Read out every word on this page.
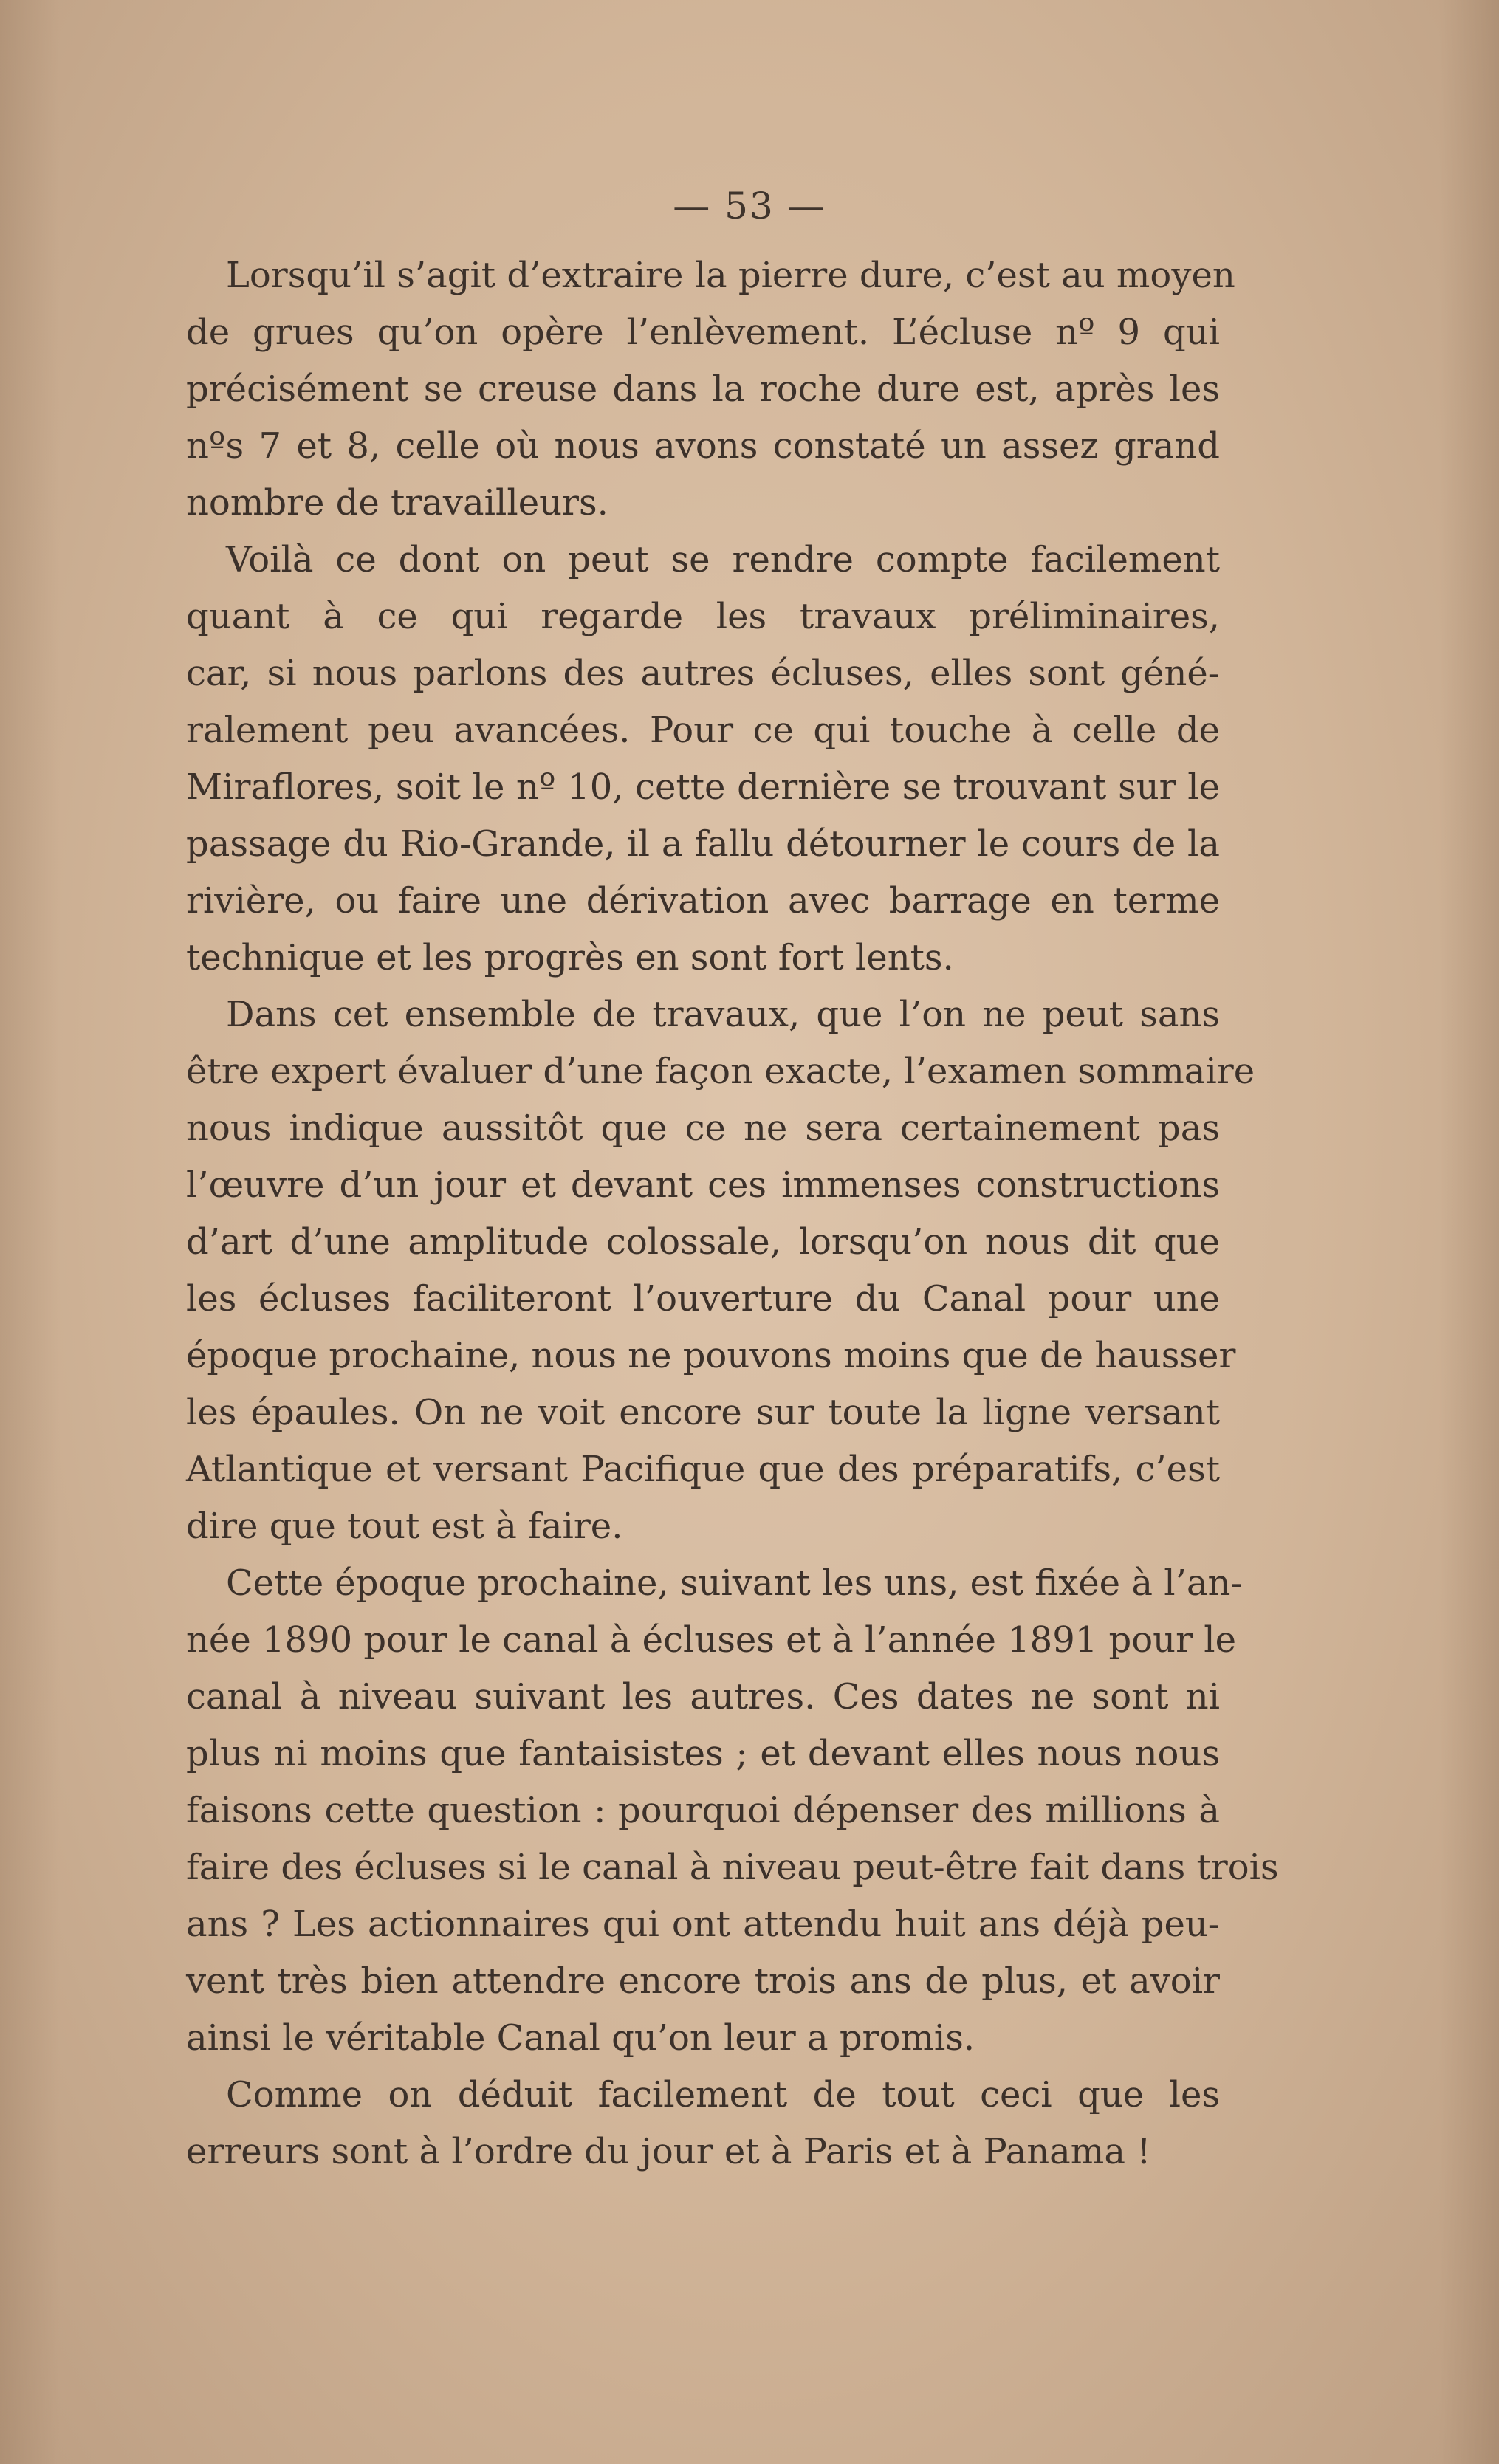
— 53 —
Lorsqu’il s’agit d’extraire la pierre dure, c’est au moyen
de grues qu’on opère l’enlèvement. L’écluse nº 9 qui
précisément se creuse dans la roche dure est, après les
nºs 7 et 8, celle où nous avons constaté un assez grand
nombre de travailleurs.
Voilà ce dont on peut se rendre compte facilement
quant à ce qui regarde les travaux préliminaires,
car, si nous parlons des autres écluses, elles sont géné-
ralement peu avancées. Pour ce qui touche à celle de
Miraflores, soit le nº 10, cette dernière se trouvant sur le
passage du Rio-Grande, il a fallu détourner le cours de la
rivière, ou faire une dérivation avec barrage en terme
technique et les progrès en sont fort lents.
Dans cet ensemble de travaux, que l’on ne peut sans
être expert évaluer d’une façon exacte, l’examen sommaire
nous indique aussitôt que ce ne sera certainement pas
l’œuvre d’un jour et devant ces immenses constructions
d’art d’une amplitude colossale, lorsqu’on nous dit que
les écluses faciliteront l’ouverture du Canal pour une
époque prochaine, nous ne pouvons moins que de hausser
les épaules. On ne voit encore sur toute la ligne versant
Atlantique et versant Pacifique que des préparatifs, c’est
dire que tout est à faire.
Cette époque prochaine, suivant les uns, est fixée à l’an-
née 1890 pour le canal à écluses et à l’année 1891 pour le
canal à niveau suivant les autres. Ces dates ne sont ni
plus ni moins que fantaisistes ; et devant elles nous nous
faisons cette question : pourquoi dépenser des millions à
faire des écluses si le canal à niveau peut-être fait dans trois
ans ? Les actionnaires qui ont attendu huit ans déjà peu-
vent très bien attendre encore trois ans de plus, et avoir
ainsi le véritable Canal qu’on leur a promis.
Comme on déduit facilement de tout ceci que les
erreurs sont à l’ordre du jour et à Paris et à Panama !
